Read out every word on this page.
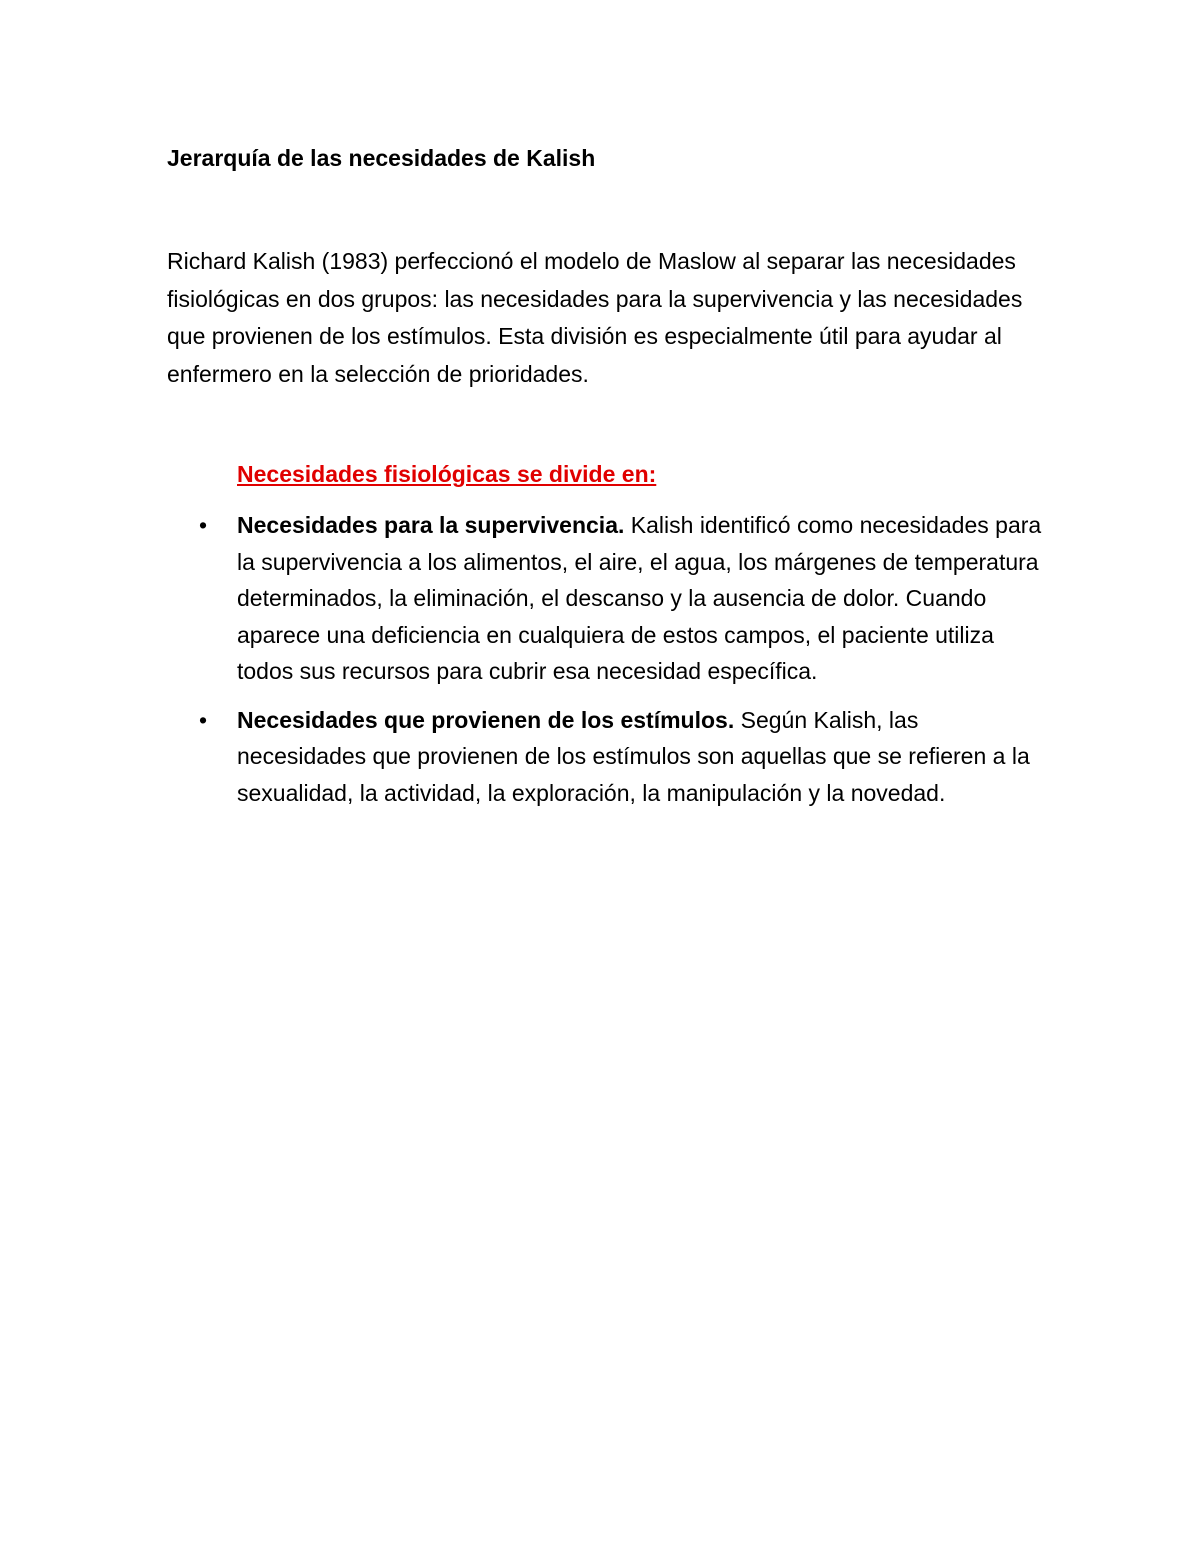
Jerarquía de las necesidades de Kalish

Richard Kalish (1983) perfeccionó el modelo de Maslow al separar las necesidades fisiológicas en dos grupos: las necesidades para la supervivencia y las necesidades que provienen de los estímulos. Esta división es especialmente útil para ayudar al enfermero en la selección de prioridades.

Necesidades fisiológicas se divide en:
• Necesidades para la supervivencia. Kalish identificó como necesidades para la supervivencia a los alimentos, el aire, el agua, los márgenes de temperatura determinados, la eliminación, el descanso y la ausencia de dolor. Cuando aparece una deficiencia en cualquiera de estos campos, el paciente utiliza todos sus recursos para cubrir esa necesidad específica.
• Necesidades que provienen de los estímulos. Según Kalish, las necesidades que provienen de los estímulos son aquellas que se refieren a la sexualidad, la actividad, la exploración, la manipulación y la novedad.
